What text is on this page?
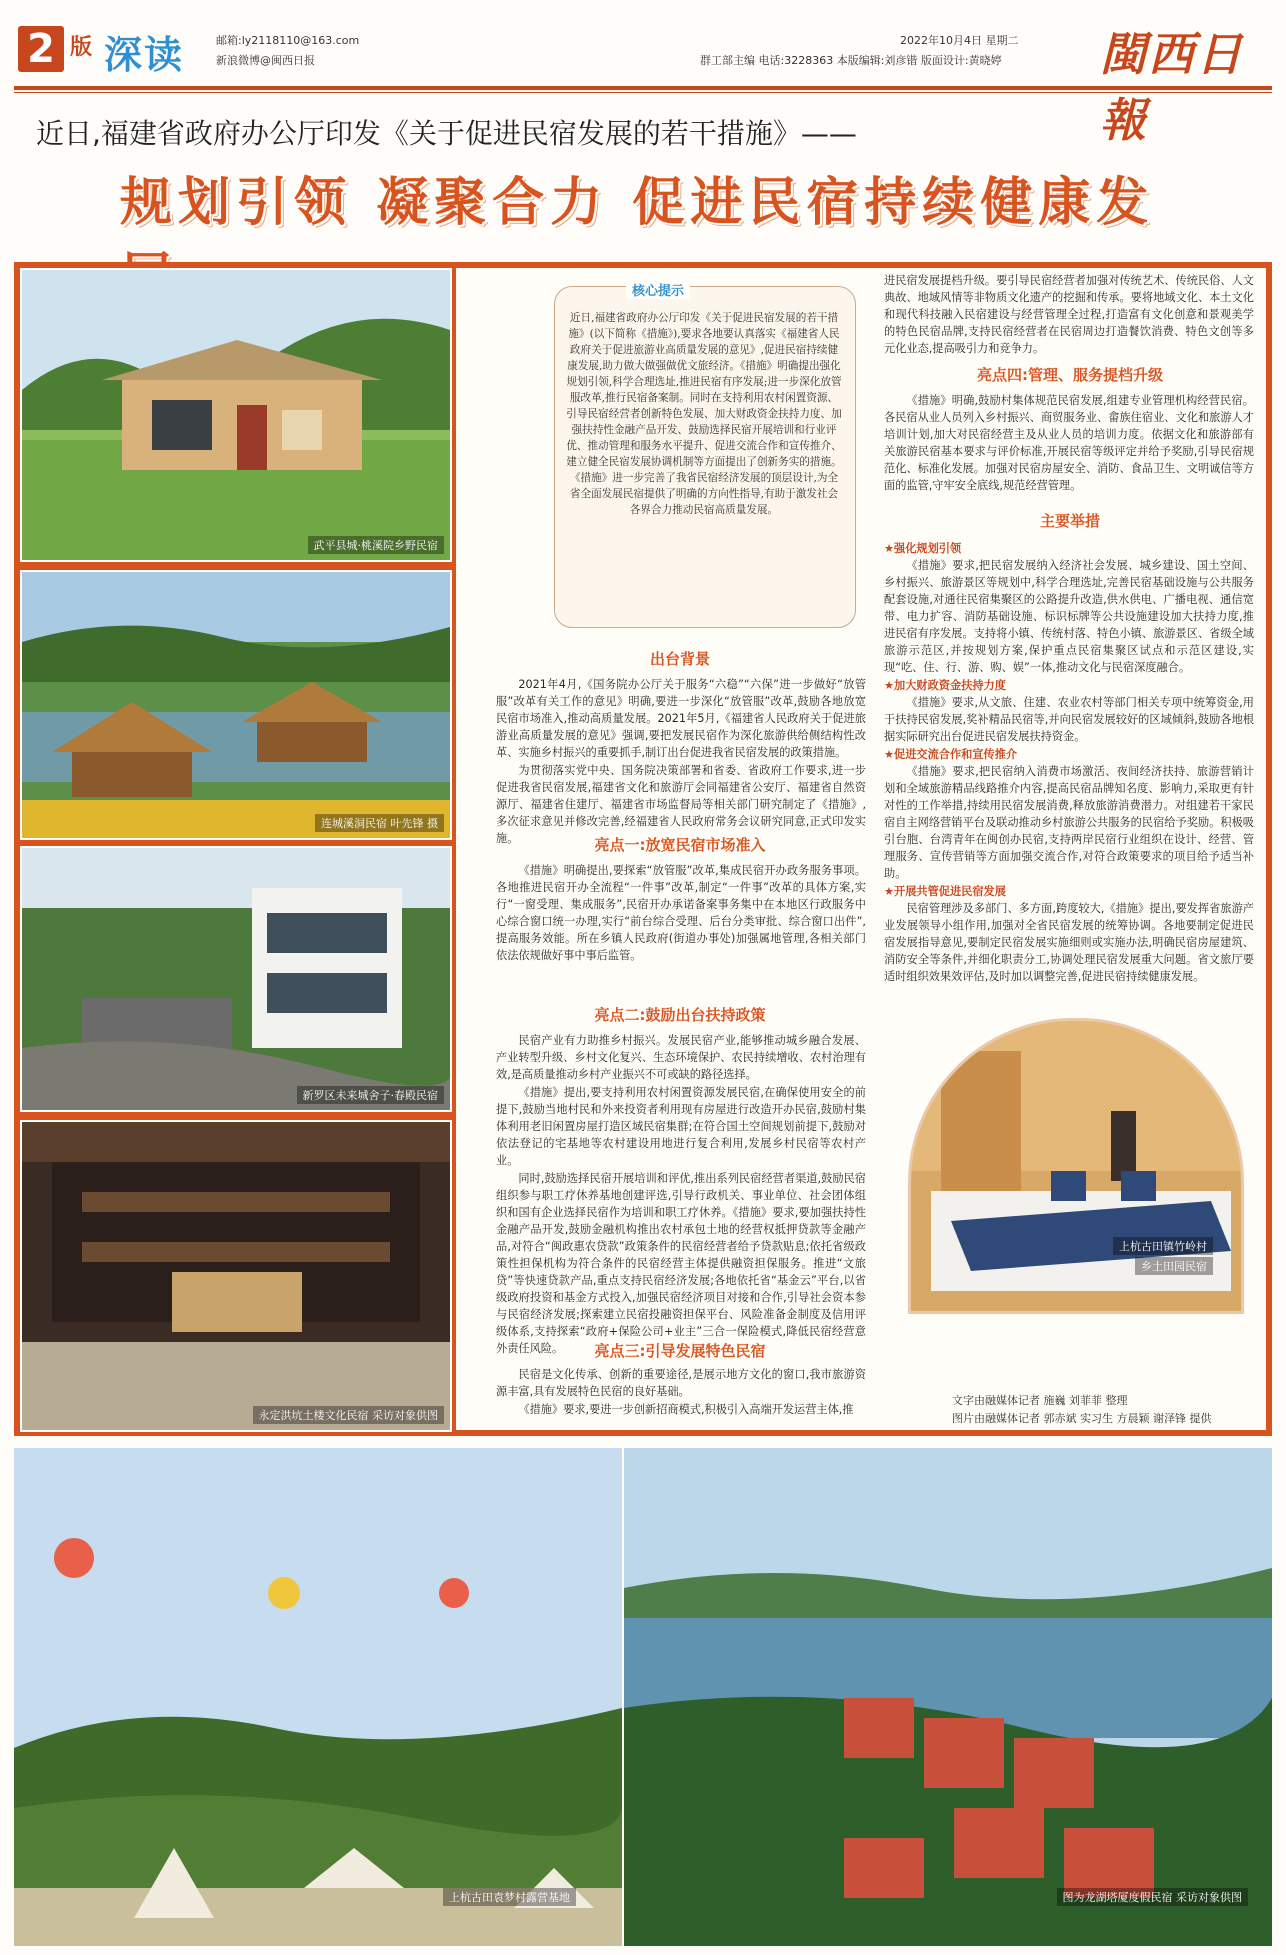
2 版 深读	邮箱:ly2118110@163.com
新浪微博@闽西日报
2022年10月4日 星期二
群工部主编 电话:3228363 本版编辑:刘彦锴 版面设计:黄晓婷 閩西日報
近日,福建省政府办公厅印发《关于促进民宿发展的若干措施》——
规划引领 凝聚合力 促进民宿持续健康发
武平县城·桃溪院乡野民宿
连城溪洞民宿 叶先锋 摄
新罗区未来城舍子·春殿民宿
永定洪坑土楼文化民宿 采访对象供图
核心提示
近日,福建省政府办公厅印发《关于促进民宿发展的若干措施》(以下简称《措施》),要求各地要认真落实《福建省人民政府关于促进旅游业高质量发展的意见》,促进民宿持续健康发展,助力做大做强做优文旅经济。《措施》明确提出强化规划引领,科学合理选址,推进民宿有序发展;进一步深化放管服改革,推行民宿备案制。同时在支持利用农村闲置资源、引导民宿经营者创新特色发展、加大财政资金扶持力度、加强扶持性金融产品开发、鼓励选择民宿开展培训和行业评优、推动管理和服务水平提升、促进交流合作和宣传推介、建立健全民宿发展协调机制等方面提出了创新务实的措施。《措施》进一步完善了我省民宿经济发展的顶层设计,为全省全面发展民宿提供了明确的方向性指导,有助于激发社会各界合力推动民宿高质量发展。
出台背景

2021年4月,《国务院办公厅关于服务“六稳”“六保”进一步做好“放管服”改革有关工作的意见》明确,要进一步深化“放管服”改革,鼓励各地放宽民宿市场准入,推动高质量发展。2021年5月,《福建省人民政府关于促进旅游业高质量发展的意见》强调,要把发展民宿作为深化旅游供给侧结构性改革、实施乡村振兴的重要抓手,制订出台促进我省民宿发展的政策措施。

为贯彻落实党中央、国务院决策部署和省委、省政府工作要求,进一步促进我省民宿发展,福建省文化和旅游厅会同福建省公安厅、福建省自然资源厅、福建省住建厅、福建省市场监督局等相关部门研究制定了《措施》,多次征求意见并修改完善,经福建省人民政府常务会议研究同意,正式印发实施。	亮点一:放宽民宿市场准入

《措施》明确提出,要探索“放管服”改革,集成民宿开办政务服务事项。各地推进民宿开办全流程“一件事”改革,制定“一件事”改革的具体方案,实行“一窗受理、集成服务”,民宿开办承诺备案事务集中在本地区行政服务中心综合窗口统一办理,实行“前台综合受理、后台分类审批、综合窗口出件”,提高服务效能。所在乡镇人民政府(街道办事处)加强属地管理,各相关部门依法依规做好事中事后监管。

亮点二:鼓励出台扶持政策

民宿产业有力助推乡村振兴。发展民宿产业,能够推动城乡融合发展、产业转型升级、乡村文化复兴、生态环境保护、农民持续增收、农村治理有效,是高质量推动乡村产业振兴不可或缺的路径选择。

《措施》提出,要支持利用农村闲置资源发展民宿,在确保使用安全的前提下,鼓励当地村民和外来投资者利用现有房屋进行改造开办民宿,鼓励村集体利用老旧闲置房屋打造区域民宿集群;在符合国土空间规划前提下,鼓励对依法登记的宅基地等农村建设用地进行复合利用,发展乡村民宿等农村产业。

同时,鼓励选择民宿开展培训和评优,推出系列民宿经营者渠道,鼓励民宿组织参与职工疗休养基地创建评选,引导行政机关、事业单位、社会团体组织和国有企业选择民宿作为培训和职工疗休养。《措施》要求,要加强扶持性金融产品开发,鼓励金融机构推出农村承包土地的经营权抵押贷款等金融产品,对符合“闽政惠农贷款”政策条件的民宿经营者给予贷款贴息;依托省级政策性担保机构为符合条件的民宿经营主体提供融资担保服务。推进“文旅贷”等快速贷款产品,重点支持民宿经济发展;各地依托省“基金云”平台,以省级政府投资和基金方式投入,加强民宿经济项目对接和合作,引导社会资本参与民宿经济发展;探索建立民宿投融资担保平台、风险准备金制度及信用评级体系,支持探索“政府+保险公司+业主”三合一保险模式,降低民宿经营意外责任风险。	亮点三:引导发展特色民宿

民宿是文化传承、创新的重要途径,是展示地方文化的窗口,我市旅游资源丰富,具有发展特色民宿的良好基础。

《措施》要求,要进一步创新招商模式,积极引入高端开发运营主体,推

进民宿发展提档升级。要引导民宿经营者加强对传统艺术、传统民俗、人文典故、地域风情等非物质文化遗产的挖掘和传承。要将地域文化、本土文化和现代科技融入民宿建设与经营管理全过程,打造富有文化创意和景观美学的特色民宿品牌,支持民宿经营者在民宿周边打造餐饮消费、特色文创等多元化业态,提高吸引力和竞争力。

亮点四:管理、服务提档升级

《措施》明确,鼓励村集体规范民宿发展,组建专业管理机构经营民宿。各民宿从业人员列入乡村振兴、商贸服务业、畲族住宿业、文化和旅游人才培训计划,加大对民宿经营主及从业人员的培训力度。依据文化和旅游部有关旅游民宿基本要求与评价标准,开展民宿等级评定并给予奖励,引导民宿规范化、标准化发展。加强对民宿房屋安全、消防、食品卫生、文明诚信等方面的监管,守牢安全底线,规范经营管理。

主要举措
★强化规划引领

《措施》要求,把民宿发展纳入经济社会发展、城乡建设、国土空间、乡村振兴、旅游景区等规划中,科学合理选址,完善民宿基础设施与公共服务配套设施,对通往民宿集聚区的公路提升改造,供水供电、广播电视、通信宽带、电力扩容、消防基础设施、标识标牌等公共设施建设加大扶持力度,推进民宿有序发展。支持将小镇、传统村落、特色小镇、旅游景区、省级全域旅游示范区,并按规划方案,保护重点民宿集聚区试点和示范区建设,实现“吃、住、行、游、购、娱”一体,推动文化与民宿深度融合。

★加大财政资金扶持力度

《措施》要求,从文旅、住建、农业农村等部门相关专项中统筹资金,用于扶持民宿发展,奖补精品民宿等,并向民宿发展较好的区域倾斜,鼓励各地根据实际研究出台促进民宿发展扶持资金。

★促进交流合作和宣传推介

《措施》要求,把民宿纳入消费市场激活、夜间经济扶持、旅游营销计划和全域旅游精品线路推介内容,提高民宿品牌知名度、影响力,采取更有针对性的工作举措,持续用民宿发展消费,释放旅游消费潜力。对组建若干家民宿自主网络营销平台及联动推动乡村旅游公共服务的民宿给予奖励。积极吸引台胞、台湾青年在闽创办民宿,支持两岸民宿行业组织在设计、经营、管理服务、宣传营销等方面加强交流合作,对符合政策要求的项目给予适当补助。

★开展共管促进民宿发展

民宿管理涉及多部门、多方面,跨度较大,《措施》提出,要发挥省旅游产业发展领导小组作用,加强对全省民宿发展的统筹协调。各地要制定促进民宿发展指导意见,要制定民宿发展实施细则或实施办法,明确民宿房屋建筑、消防安全等条件,并细化职责分工,协调处理民宿发展重大问题。省文旅厅要适时组织效果效评估,及时加以调整完善,促进民宿持续健康发展。

上杭古田镇竹岭村
乡土田园民宿
文字由融媒体记者 施巍 刘菲菲 整理
图片由融媒体记者 郭赤斌 实习生 方晨颖 谢泽锋 提供
上杭古田袁梦村露营基地	图为龙湖塔厦度假民宿 采访对象供图
